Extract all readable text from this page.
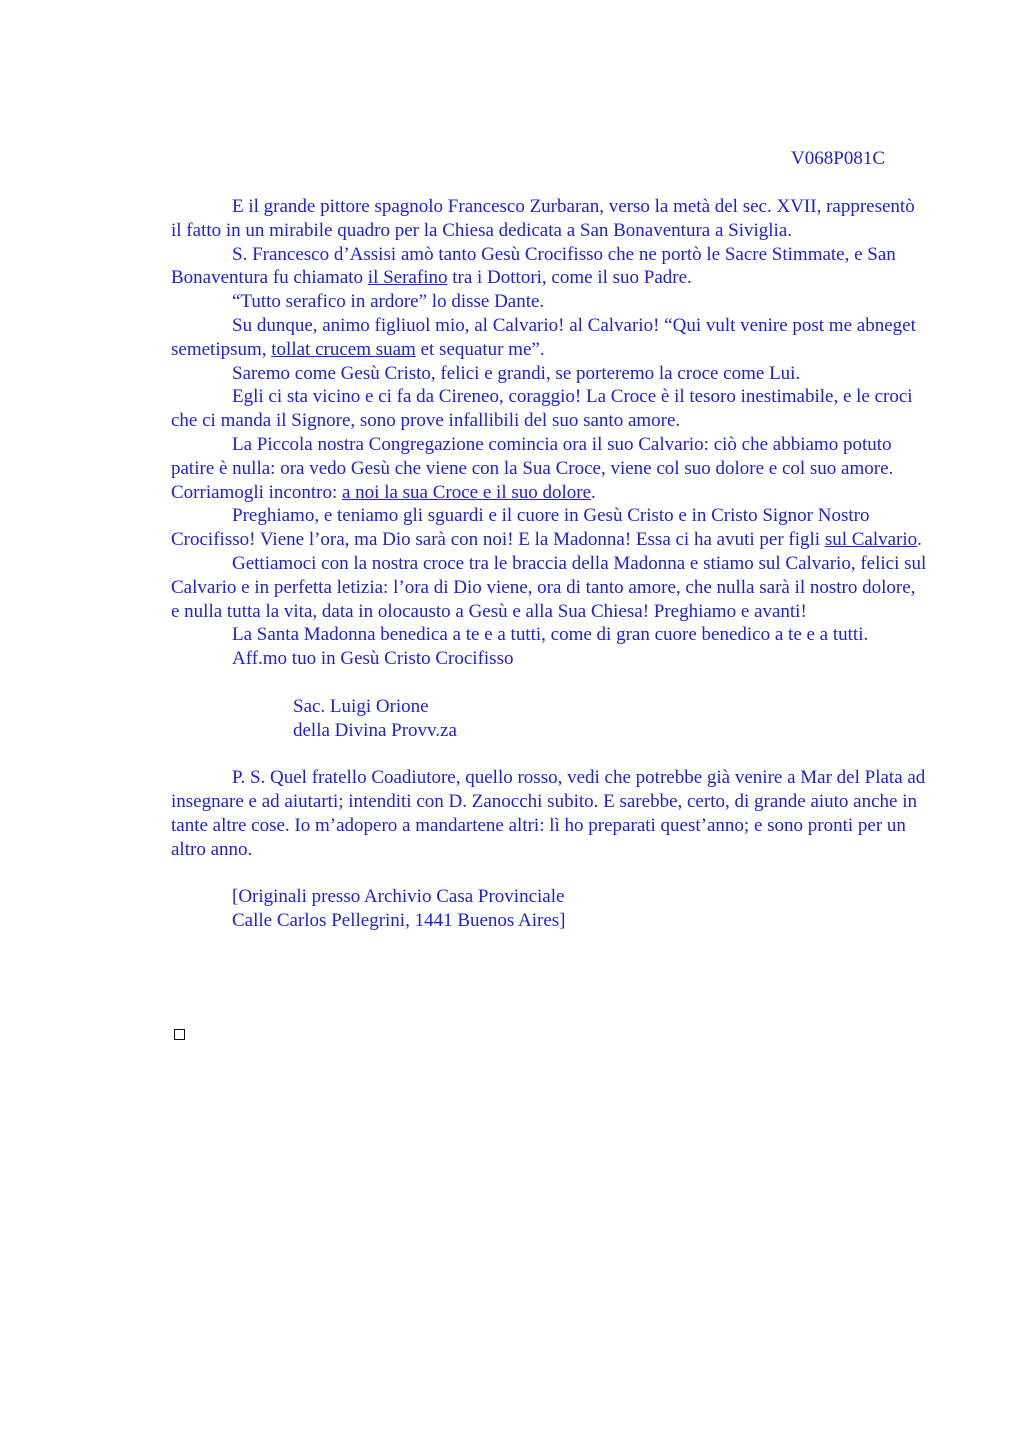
V068P081C

E il grande pittore spagnolo Francesco Zurbaran, verso la metà del sec. XVII, rappresentò il fatto in un mirabile quadro per la Chiesa dedicata a San Bonaventura a Siviglia.

S. Francesco d’Assisi amò tanto Gesù Crocifisso che ne portò le Sacre Stimmate, e San Bonaventura fu chiamato il Serafino tra i Dottori, come il suo Padre.

“Tutto serafico in ardore” lo disse Dante.

Su dunque, animo figliuol mio, al Calvario! al Calvario! “Qui vult venire post me abneget semetipsum, tollat crucem suam et sequatur me”.

Saremo come Gesù Cristo, felici e grandi, se porteremo la croce come Lui.

Egli ci sta vicino e ci fa da Cireneo, coraggio! La Croce è il tesoro inestimabile, e le croci che ci manda il Signore, sono prove infallibili del suo santo amore.

La Piccola nostra Congregazione comincia ora il suo Calvario: ciò che abbiamo potuto patire è nulla: ora vedo Gesù che viene con la Sua Croce, viene col suo dolore e col suo amore. Corriamogli incontro: a noi la sua Croce e il suo dolore.

Preghiamo, e teniamo gli sguardi e il cuore in Gesù Cristo e in Cristo Signor Nostro Crocifisso! Viene l’ora, ma Dio sarà con noi! E la Madonna! Essa ci ha avuti per figli sul Calvario.

Gettiamoci con la nostra croce tra le braccia della Madonna e stiamo sul Calvario, felici sul Calvario e in perfetta letizia: l’ora di Dio viene, ora di tanto amore, che nulla sarà il nostro dolore, e nulla tutta la vita, data in olocausto a Gesù e alla Sua Chiesa! Preghiamo e avanti!

La Santa Madonna benedica a te e a tutti, come di gran cuore benedico a te e a tutti.

Aff.mo tuo in Gesù Cristo Crocifisso

Sac. Luigi Orione

della Divina Provv.za

P. S. Quel fratello Coadiutore, quello rosso, vedi che potrebbe già venire a Mar del Plata ad insegnare e ad aiutarti; intenditi con D. Zanocchi subito. E sarebbe, certo, di grande aiuto anche in tante altre cose. Io m’adopero a mandartene altri: lì ho preparati quest’anno; e sono pronti per un altro anno.

[Originali presso Archivio Casa Provinciale

Calle Carlos Pellegrini, 1441 Buenos Aires]
